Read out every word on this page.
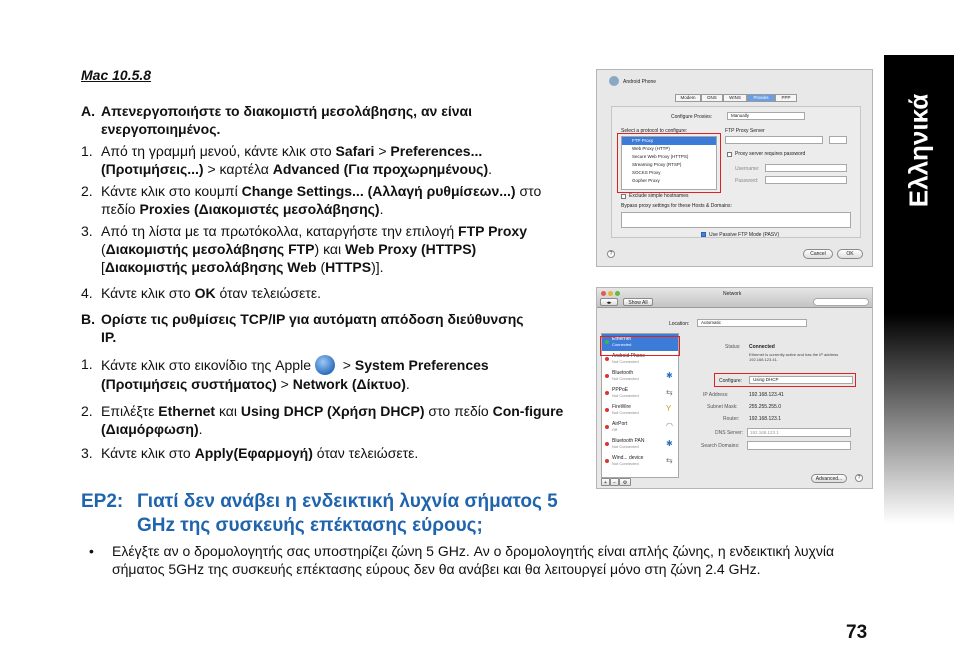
Mac 10.5.8
A. Απενεργοποιήστε το διακομιστή μεσολάβησης, αν είναι ενεργοποιημένος.
1. Από τη γραμμή μενού, κάντε κλικ στο Safari > Preferences... (Προτιμήσεις...) > καρτέλα Advanced (Για προχωρημένους).
2. Κάντε κλικ στο κουμπί Change Settings... (Αλλαγή ρυθμίσεων...) στο πεδίο Proxies (Διακομιστές μεσολάβησης).
3. Από τη λίστα με τα πρωτόκολλα, καταργήστε την επιλογή FTP Proxy (Διακομιστής μεσολάβησης FTP) και Web Proxy (HTTPS) [Διακομιστής μεσολάβησης Web (HTTPS)].
4. Κάντε κλικ στο OK όταν τελειώσετε.
B. Ορίστε τις ρυθμίσεις TCP/IP για αυτόματη απόδοση διεύθυνσης IP.
1. Κάντε κλικ στο εικονίδιο της Apple  > System Preferences (Προτιμήσεις συστήματος) > Network (Δίκτυο).
2. Επιλέξτε Ethernet και Using DHCP (Χρήση DHCP) στο πεδίο Con-figure (Διαμόρφωση).
3. Κάντε κλικ στο Apply(Εφαρμογή) όταν τελειώσετε.
EP2: Γιατί δεν ανάβει η ενδεικτική λυχνία σήματος 5 GHz της συσκευής επέκτασης εύρους;
• Ελέγξτε αν ο δρομολογητής σας υποστηρίζει ζώνη 5 GHz. Αν ο δρομολογητής είναι απλής ζώνης, η ενδεικτική λυχνία σήματος 5GHz της συσκευής επέκτασης εύρους δεν θα ανάβει και θα λειτουργεί μόνο στη ζώνη 2.4 GHz.
Ελληνικά
73
Android Phone
Modem	DNS	WINS	Proxies	PPP
Configure Proxies:	Manually
Select a protocol to configure:
FTP Proxy
Web Proxy (HTTP)
Secure Web Proxy (HTTPS)
Streaming Proxy (RTSP)
SOCKS Proxy
Gopher Proxy
FTP Proxy Server
Proxy server requires password
Username:
Password:
Exclude simple hostnames
Bypass proxy settings for these Hosts & Domains:
Use Passive FTP Mode (PASV)
?	Cancel	OK
Network
◂▸	Show All
Location:	Automatic
Ethernet
Connected
Android Phone
Not Connected
Bluetooth
Not Connected	✱
PPPoE
Not Connected	⇆
FireWire
Not Connected	Y
AirPort
Off	◠
Bluetooth PAN
Not Connected	✱
Wind... device
Not Connected	⇆
+	−	⚙
Status: Connected
Ethernet is currently active and has the IP address 192.168.123.41.
Configure:	Using DHCP
IP Address:	192.168.123.41
Subnet Mask: 255.255.255.0
Router: 192.168.123.1
DNS Server:	192.168.123.1
Search Domains:
Advanced...	?
